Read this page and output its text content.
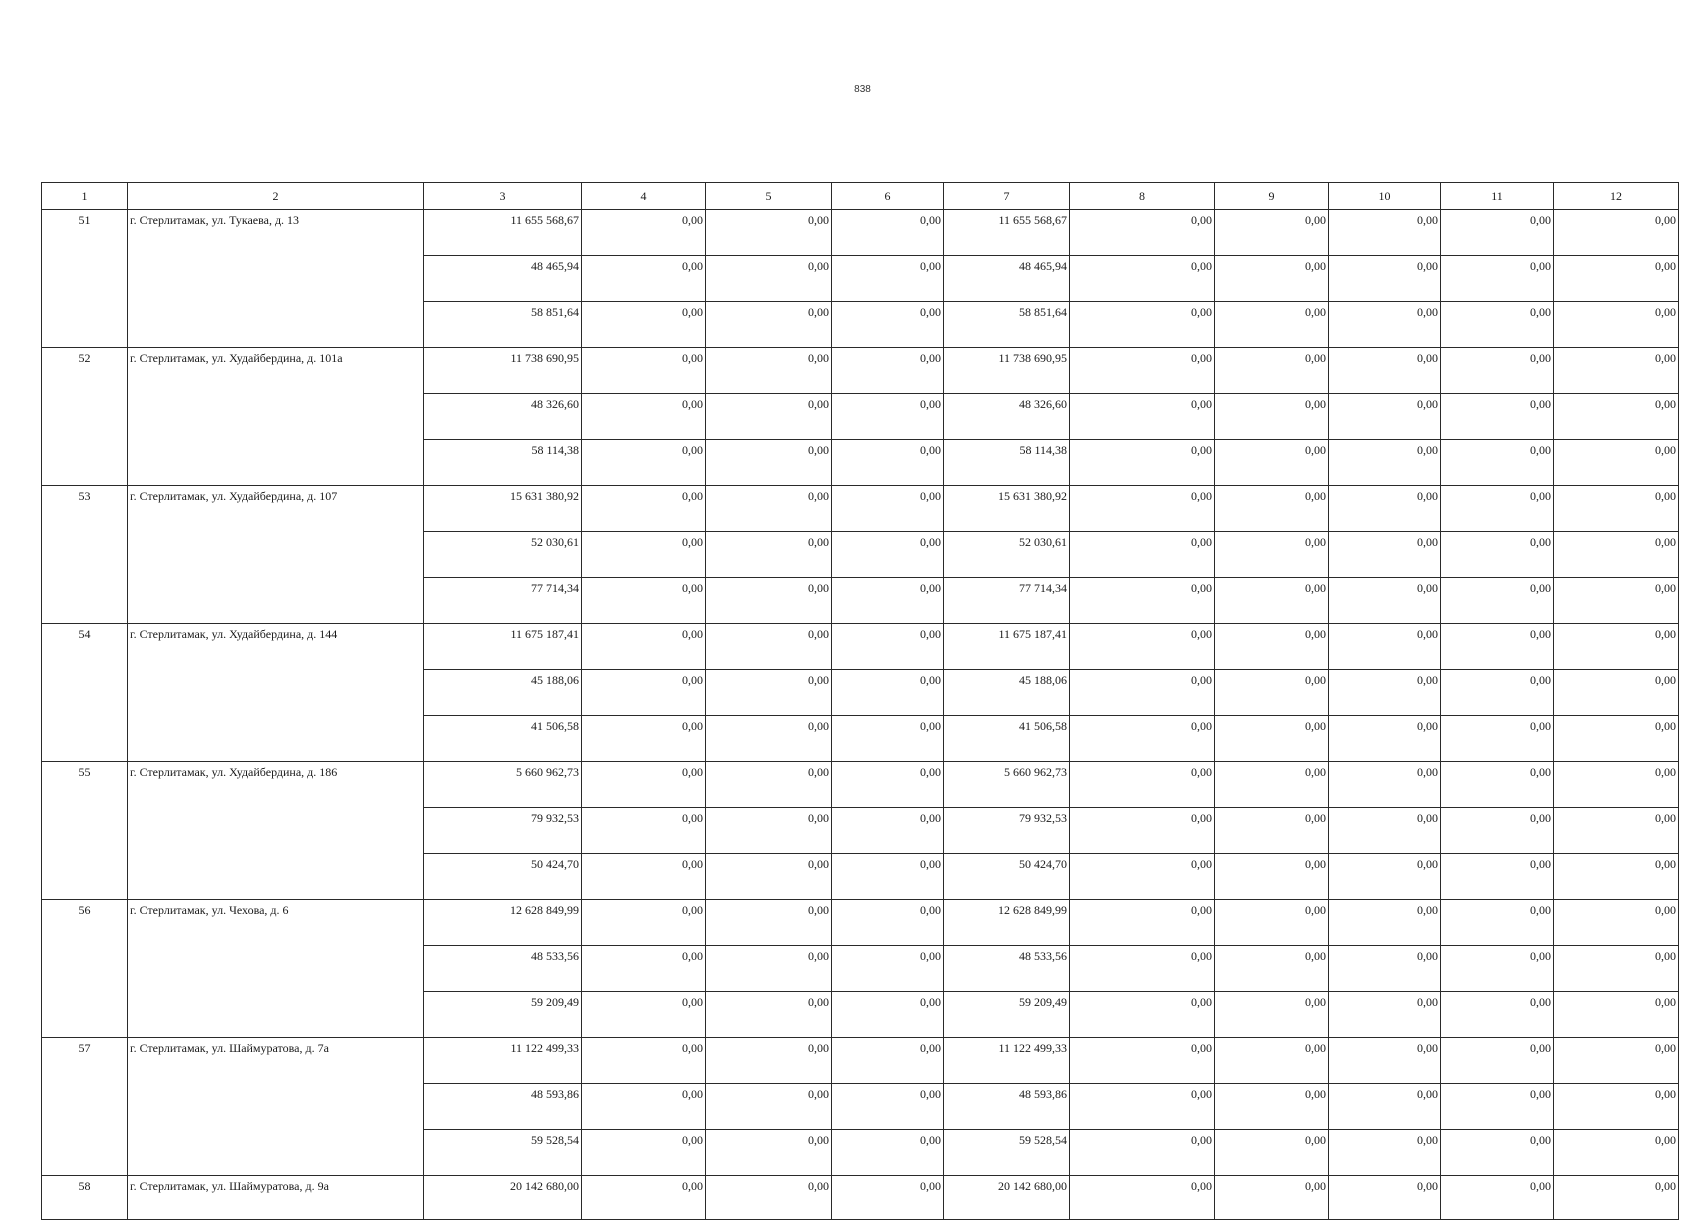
838
1	2	3	4	5	6	7	8	9	10	11	12
51	г. Стерлитамак, ул. Тукаева, д. 13	11 655 568,67	0,00	0,00	0,00	11 655 568,67	0,00	0,00	0,00	0,00	0,00
		48 465,94	0,00	0,00	0,00	48 465,94	0,00	0,00	0,00	0,00	0,00
		58 851,64	0,00	0,00	0,00	58 851,64	0,00	0,00	0,00	0,00	0,00
52	г. Стерлитамак, ул. Худайбердина, д. 101а	11 738 690,95	0,00	0,00	0,00	11 738 690,95	0,00	0,00	0,00	0,00	0,00
		48 326,60	0,00	0,00	0,00	48 326,60	0,00	0,00	0,00	0,00	0,00
		58 114,38	0,00	0,00	0,00	58 114,38	0,00	0,00	0,00	0,00	0,00
53	г. Стерлитамак, ул. Худайбердина, д. 107	15 631 380,92	0,00	0,00	0,00	15 631 380,92	0,00	0,00	0,00	0,00	0,00
		52 030,61	0,00	0,00	0,00	52 030,61	0,00	0,00	0,00	0,00	0,00
		77 714,34	0,00	0,00	0,00	77 714,34	0,00	0,00	0,00	0,00	0,00
54	г. Стерлитамак, ул. Худайбердина, д. 144	11 675 187,41	0,00	0,00	0,00	11 675 187,41	0,00	0,00	0,00	0,00	0,00
		45 188,06	0,00	0,00	0,00	45 188,06	0,00	0,00	0,00	0,00	0,00
		41 506,58	0,00	0,00	0,00	41 506,58	0,00	0,00	0,00	0,00	0,00
55	г. Стерлитамак, ул. Худайбердина, д. 186	5 660 962,73	0,00	0,00	0,00	5 660 962,73	0,00	0,00	0,00	0,00	0,00
		79 932,53	0,00	0,00	0,00	79 932,53	0,00	0,00	0,00	0,00	0,00
		50 424,70	0,00	0,00	0,00	50 424,70	0,00	0,00	0,00	0,00	0,00
56	г. Стерлитамак, ул. Чехова, д. 6	12 628 849,99	0,00	0,00	0,00	12 628 849,99	0,00	0,00	0,00	0,00	0,00
		48 533,56	0,00	0,00	0,00	48 533,56	0,00	0,00	0,00	0,00	0,00
		59 209,49	0,00	0,00	0,00	59 209,49	0,00	0,00	0,00	0,00	0,00
57	г. Стерлитамак, ул. Шаймуратова, д. 7а	11 122 499,33	0,00	0,00	0,00	11 122 499,33	0,00	0,00	0,00	0,00	0,00
		48 593,86	0,00	0,00	0,00	48 593,86	0,00	0,00	0,00	0,00	0,00
		59 528,54	0,00	0,00	0,00	59 528,54	0,00	0,00	0,00	0,00	0,00
58	г. Стерлитамак, ул. Шаймуратова, д. 9а	20 142 680,00	0,00	0,00	0,00	20 142 680,00	0,00	0,00	0,00	0,00	0,00
